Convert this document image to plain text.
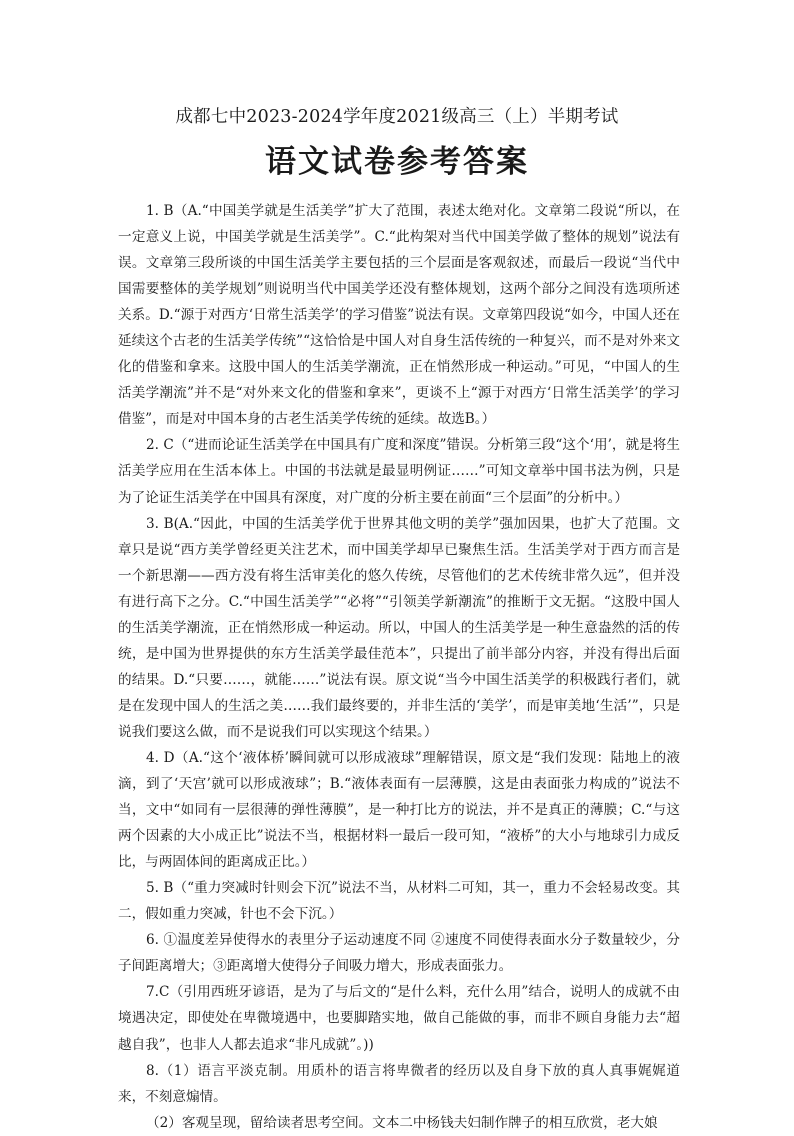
成都七中2023-2024学年度2021级高三（上）半期考试
语文试卷参考答案

1. B（A.“中国美学就是生活美学”扩大了范围，表述太绝对化。文章第二段说“所以，在一定意义上说，中国美学就是生活美学”。C.“此构架对当代中国美学做了整体的规划”说法有误。文章第三段所谈的中国生活美学主要包括的三个层面是客观叙述，而最后一段说“当代中国需要整体的美学规划”则说明当代中国美学还没有整体规划，这两个部分之间没有选项所述关系。D.“源于对西方‘日常生活美学’的学习借鉴”说法有误。文章第四段说“如今，中国人还在延续这个古老的生活美学传统”“这恰恰是中国人对自身生活传统的一种复兴，而不是对外来文化的借鉴和拿来。这股中国人的生活美学潮流，正在悄然形成一种运动。”可见，“中国人的生活美学潮流”并不是“对外来文化的借鉴和拿来”，更谈不上“源于对西方‘日常生活美学’的学习借鉴”，而是对中国本身的古老生活美学传统的延续。故选B。）

2. C（“进而论证生活美学在中国具有广度和深度”错误。分析第三段“这个‘用’，就是将生活美学应用在生活本体上。中国的书法就是最显明例证……”可知文章举中国书法为例，只是为了论证生活美学在中国具有深度，对广度的分析主要在前面“三个层面”的分析中。）

3. B(A.“因此，中国的生活美学优于世界其他文明的美学”强加因果，也扩大了范围。文章只是说“西方美学曾经更关注艺术，而中国美学却早已聚焦生活。生活美学对于西方而言是一个新思潮——西方没有将生活审美化的悠久传统，尽管他们的艺术传统非常久远”，但并没有进行高下之分。C.“中国生活美学”“必将”“引领美学新潮流”的推断于文无据。“这股中国人的生活美学潮流，正在悄然形成一种运动。所以，中国人的生活美学是一种生意盎然的活的传统，是中国为世界提供的东方生活美学最佳范本”，只提出了前半部分内容，并没有得出后面的结果。D.“只要……，就能……”说法有误。原文说“当今中国生活美学的积极践行者们，就是在发现中国人的生活之美……我们最终要的，并非生活的‘美学’，而是审美地‘生活’”，只是说我们要这么做，而不是说我们可以实现这个结果。）

4. D（A.“这个‘液体桥’瞬间就可以形成液球”理解错误，原文是“我们发现：陆地上的液滴，到了‘天宫’就可以形成液球”；B.“液体表面有一层薄膜，这是由表面张力构成的”说法不当，文中“如同有一层很薄的弹性薄膜”，是一种打比方的说法，并不是真正的薄膜；C.“与这两个因素的大小成正比”说法不当，根据材料一最后一段可知，“液桥”的大小与地球引力成反比，与两固体间的距离成正比。）

5. B（“重力突减时针则会下沉”说法不当，从材料二可知，其一，重力不会轻易改变。其二，假如重力突减，针也不会下沉。）

6. ①温度差异使得水的表里分子运动速度不同 ②速度不同使得表面水分子数量较少，分子间距离增大；③距离增大使得分子间吸力增大，形成表面张力。

7.C（引用西班牙谚语，是为了与后文的“是什么料，充什么用”结合，说明人的成就不由境遇决定，即使处在卑微境遇中，也要脚踏实地，做自己能做的事，而非不顾自身能力去“超越自我”，也非人人都去追求“非凡成就”。))

8.（1）语言平淡克制。用质朴的语言将卑微者的经历以及自身下放的真人真事娓娓道来，不刻意煽情。

（2）客观呈现，留给读者思考空间。文本二中杨钱夫妇制作牌子的相互欣赏，老大娘
